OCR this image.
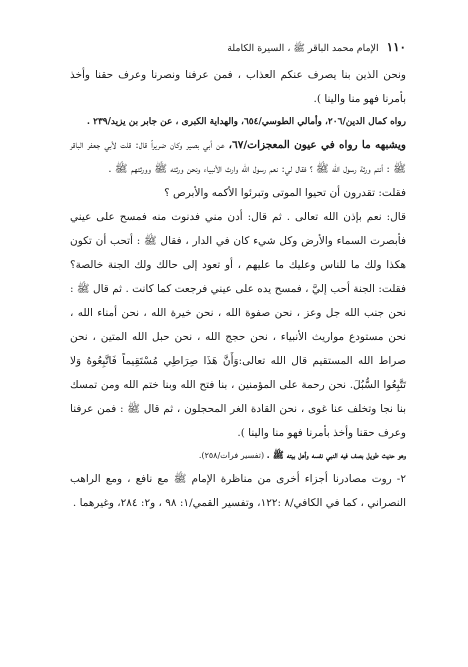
١١٠
الإمام محمد الباقر ﷺ ، السيرة الكاملة

ونحن الذين بنا يصرف عنكم العذاب ، فمن عرفنا ونصرنا وعرف حقنا وأخذ بأمرنا فهو منا والينا ).

رواه كمال الدين/٢٠٦، وأمالي الطوسي/٦٥٤، والهداية الكبرى ، عن جابر بن يزيد/٢٣٩ .

ويشبهه ما رواه في عيون المعجزات/٦٧، عن أبي بصير وكان ضريراً قال: قلت لأبي جعفر الباقر ﷺ : أنتم ورثة رسول الله ﷺ ؟ فقال لي: نعم رسول الله وارث الأنبياء ونحن ورثته ﷺ وورثتهم ﷺ .

فقلت: تقدرون أن تحيوا الموتى وتبرئوا الأكمه والأبرص ؟

قال: نعم بإذن الله تعالى . ثم قال: أدن مني فدنوت منه فمسح على عيني فأبصرت السماء والأرض وكل شيء كان في الدار ، فقال ﷺ : أتحب أن تكون هكذا ولك ما للناس وعليك ما عليهم ، أو تعود إلى حالك ولك الجنة خالصة؟ فقلت: الجنة أحب إليَّ ، فمسح يده على عيني فرجعت كما كانت . ثم قال ﷺ : نحن جنب الله جل وعز ، نحن صفوة الله ، نحن خيرة الله ، نحن أمناء الله ، نحن مستودع مواريث الأنبياء ، نحن حجج الله ، نحن حبل الله المتين ، نحن صراط الله المستقيم قال الله تعالى:وَأَنَّ هَذَا صِرَاطِي مُسْتَقِيماً فَاتَّبِعُوهُ وَلا تَتَّبِعُوا السُّبُلَ. نحن رحمة على المؤمنين ، بنا فتح الله وبنا ختم الله ومن تمسك بنا نجا وتخلف عنا غوى ، نحن القادة الغر المحجلون ، ثم قال ﷺ : فمن عرفنا وعرف حقنا وأخذ بأمرنا فهو منا والينا ).

وهو حديث طويل بصف فيه النبي نفسه وأهل بيته ﷺ . (تفسير فرات/٢٥٨).

٢- روت مصادرنا أجزاء أخرى من مناظرة الإمام ﷺ مع نافع ، ومع الراهب النصراني ، كما في الكافي/٨ :١٢٢، وتفسير القمي/١: ٩٨ ، و٢: ٢٨٤، وغيرهما .
